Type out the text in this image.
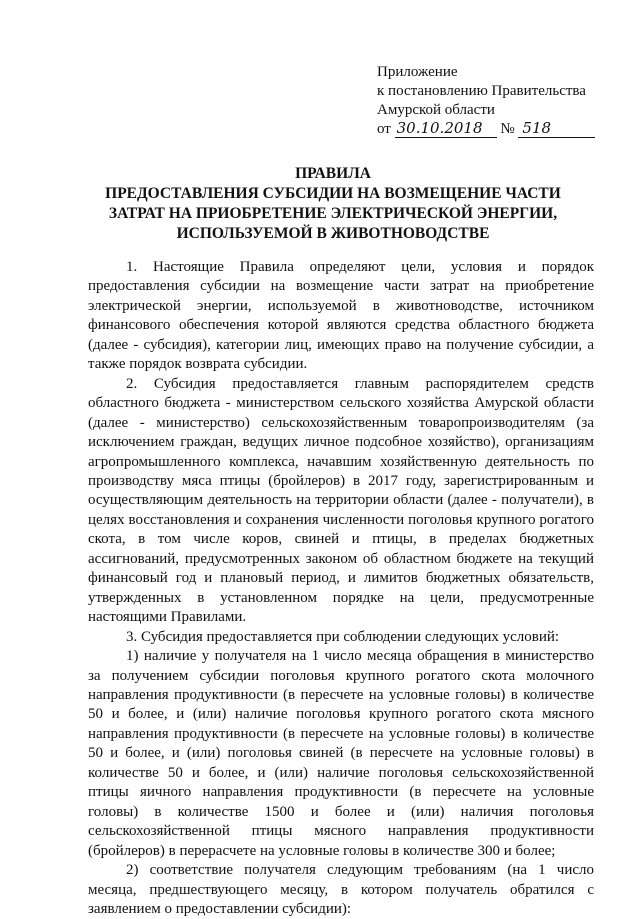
Приложение
к постановлению Правительства
Амурской области
от 30.10.2018 № 518
ПРАВИЛА
ПРЕДОСТАВЛЕНИЯ СУБСИДИИ НА ВОЗМЕЩЕНИЕ ЧАСТИ
ЗАТРАТ НА ПРИОБРЕТЕНИЕ ЭЛЕКТРИЧЕСКОЙ ЭНЕРГИИ,
ИСПОЛЬЗУЕМОЙ В ЖИВОТНОВОДСТВЕ

1. Настоящие Правила определяют цели, условия и порядок предоставления субсидии на возмещение части затрат на приобретение электрической энергии, используемой в животноводстве, источником финансового обеспечения которой являются средства областного бюджета (далее - субсидия), категории лиц, имеющих право на получение субсидии, а также порядок возврата субсидии.

2. Субсидия предоставляется главным распорядителем средств областного бюджета - министерством сельского хозяйства Амурской области (далее - министерство) сельскохозяйственным товаропроизводителям (за исключением граждан, ведущих личное подсобное хозяйство), организациям агропромышленного комплекса, начавшим хозяйственную деятельность по производству мяса птицы (бройлеров) в 2017 году, зарегистрированным и осуществляющим деятельность на территории области (далее - получатели), в целях восстановления и сохранения численности поголовья крупного рогатого скота, в том числе коров, свиней и птицы, в пределах бюджетных ассигнований, предусмотренных законом об областном бюджете на текущий финансовый год и плановый период, и лимитов бюджетных обязательств, утвержденных в установленном порядке на цели, предусмотренные настоящими Правилами.

3. Субсидия предоставляется при соблюдении следующих условий:

1) наличие у получателя на 1 число месяца обращения в министерство за получением субсидии поголовья крупного рогатого скота молочного направления продуктивности (в пересчете на условные головы) в количестве 50 и более, и (или) наличие поголовья крупного рогатого скота мясного направления продуктивности (в пересчете на условные головы) в количестве 50 и более, и (или) поголовья свиней (в пересчете на условные головы) в количестве 50 и более, и (или) наличие поголовья сельскохозяйственной птицы яичного направления продуктивности (в пересчете на условные головы) в количестве 1500 и более и (или) наличия поголовья сельскохозяйственной птицы мясного направления продуктивности (бройлеров) в перерасчете на условные головы в количестве 300 и более;

2) соответствие получателя следующим требованиям (на 1 число месяца, предшествующего месяцу, в котором получатель обратился с заявлением о предоставлении субсидии):
